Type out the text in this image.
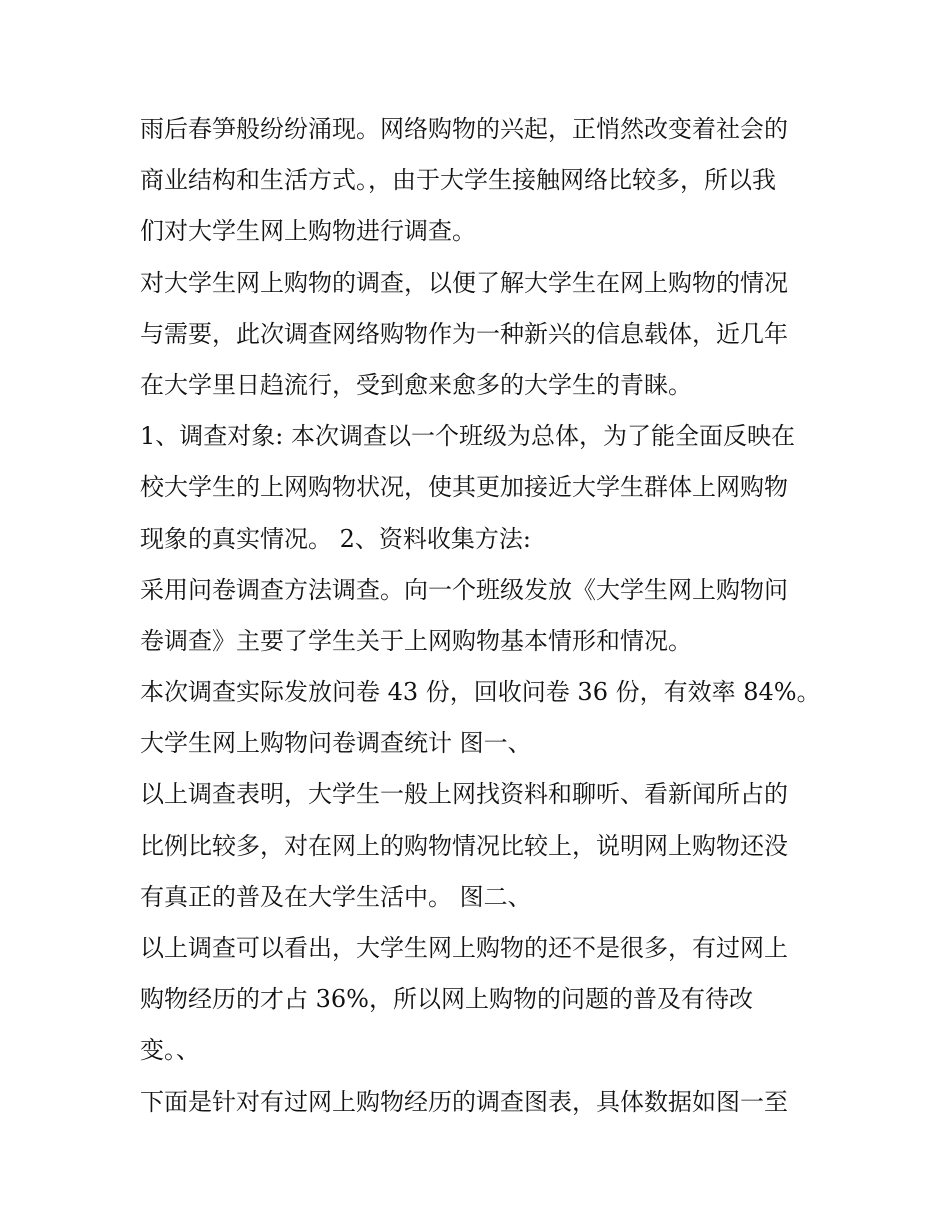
雨后春笋般纷纷涌现。网络购物的兴起，正悄然改变着社会的
商业结构和生活方式。，由于大学生接触网络比较多，所以我
们对大学生网上购物进行调查。
对大学生网上购物的调查，以便了解大学生在网上购物的情况
与需要，此次调查网络购物作为一种新兴的信息载体，近几年
在大学里日趋流行，受到愈来愈多的大学生的青睐。
1、调查对象: 本次调查以一个班级为总体，为了能全面反映在
校大学生的上网购物状况，使其更加接近大学生群体上网购物
现象的真实情况。 2、资料收集方法:
采用问卷调查方法调查。向一个班级发放《大学生网上购物问
卷调查》主要了学生关于上网购物基本情形和情况。
本次调查实际发放问卷 43 份，回收问卷 36 份，有效率 84%。
大学生网上购物问卷调查统计 图一、
以上调查表明，大学生一般上网找资料和聊听、看新闻所占的
比例比较多，对在网上的购物情况比较上，说明网上购物还没
有真正的普及在大学生活中。 图二、
以上调查可以看出，大学生网上购物的还不是很多，有过网上
购物经历的才占 36%，所以网上购物的问题的普及有待改
变。、
下面是针对有过网上购物经历的调查图表，具体数据如图一至
